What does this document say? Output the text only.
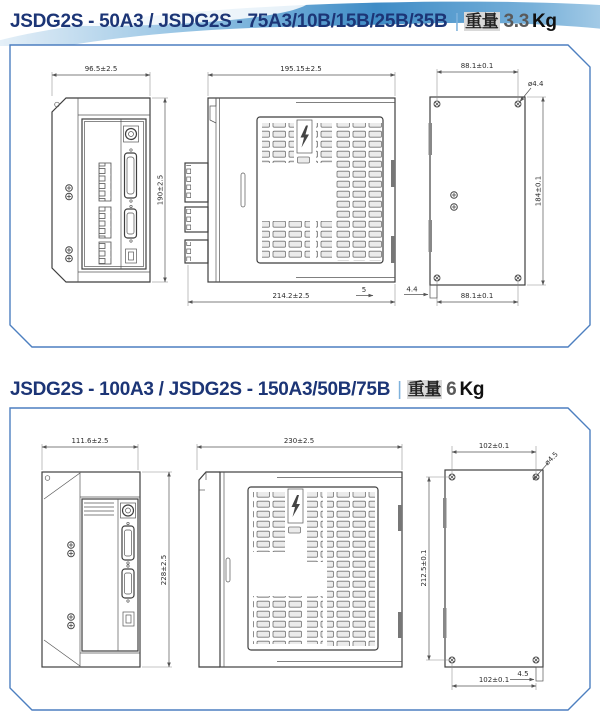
JSDG2S - 50A3 / JSDG2S - 75A3/10B/15B/25B/35B | 重量 3.3 Kg
JSDG2S - 100A3 / JSDG2S - 150A3/50B/75B | 重量 6 Kg
96.5±2.5
190±2.5
195.15±2.5
214.2±2.5
5
88.1±0.1
ø4.4
184±0.1
88.1±0.1
4.4
111.6±2.5
228±2.5
230±2.5
102±0.1
ø4.5
212.5±0.1
102±0.1
4.5
